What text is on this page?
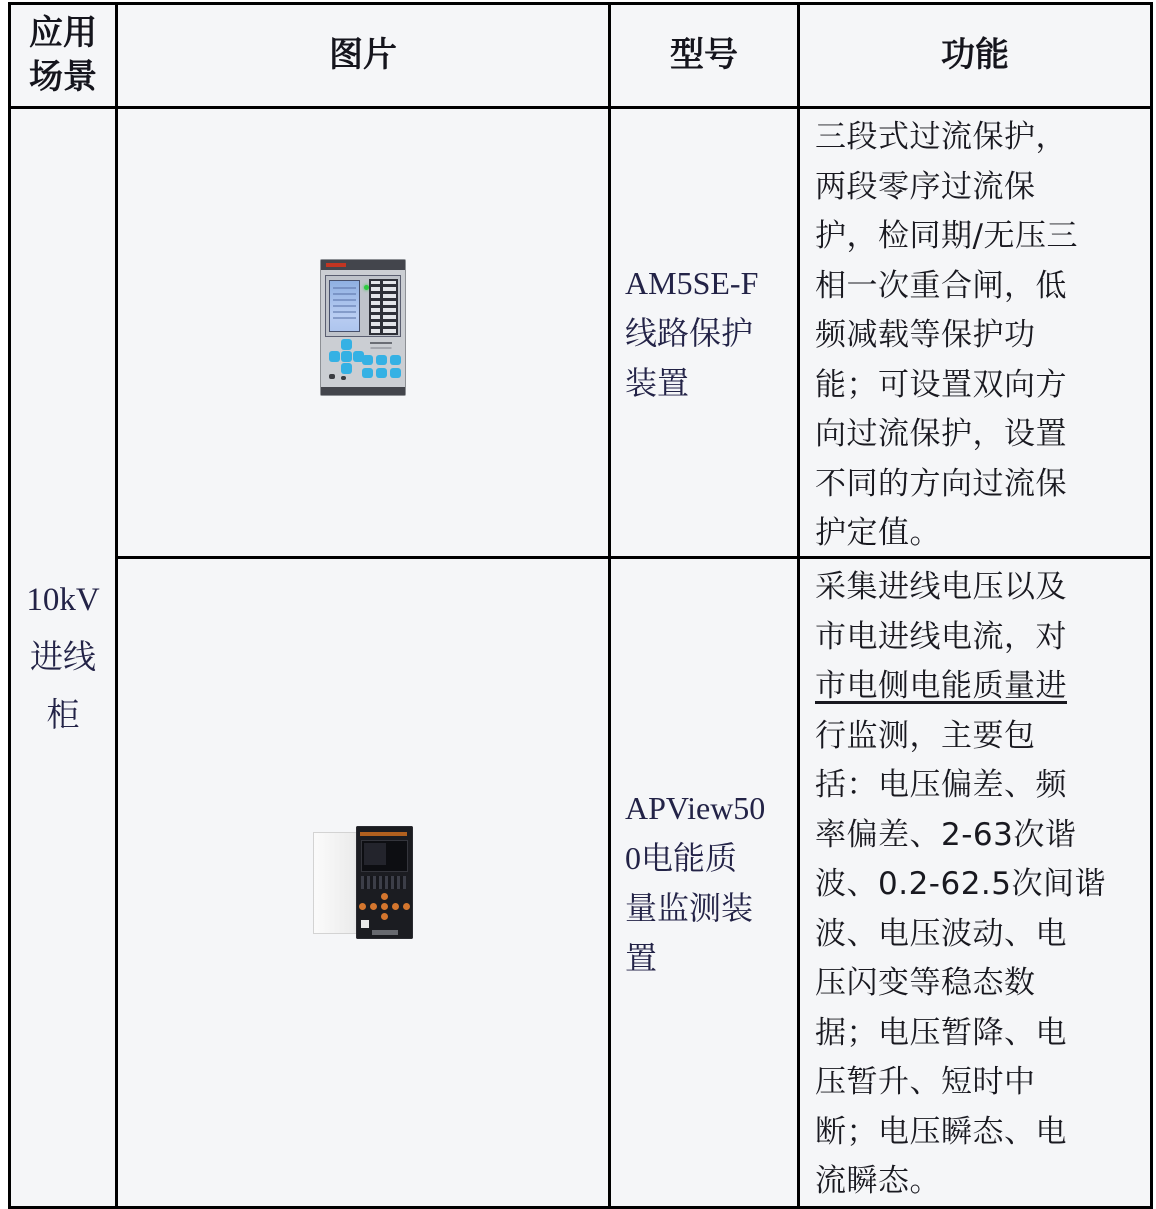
应用
场景
图片	型号	功能
10kV
进线
柜
AM5SE-F
线路保护
装置
三段式过流保护，
两段零序过流保
护，检同期/无压三
相一次重合闸，低
频减载等保护功
能；可设置双向方
向过流保护，设置
不同的方向过流保
护定值。
APView50
0电能质
量监测装
置
采集进线电压以及
市电进线电流，对
市电侧电能质量进
行监测，主要包
括：电压偏差、频
率偏差、2-63次谐
波、0.2-62.5次间谐
波、电压波动、电
压闪变等稳态数
据；电压暂降、电
压暂升、短时中
断；电压瞬态、电
流瞬态。
